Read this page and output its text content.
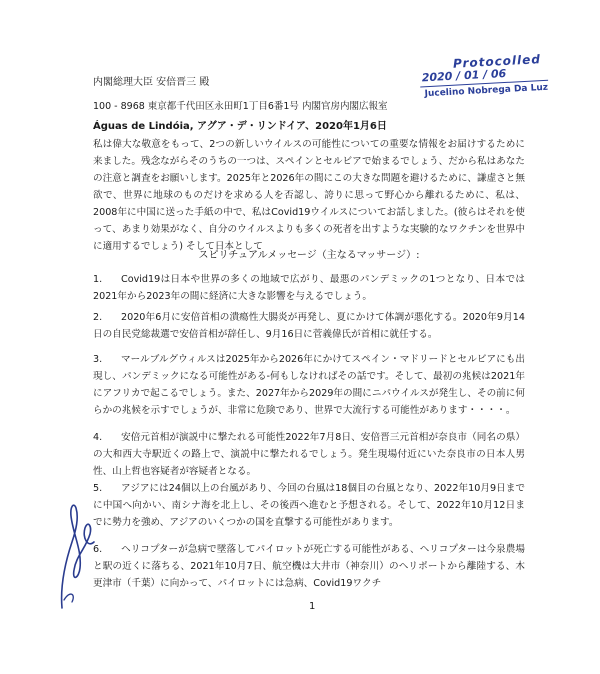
Protocolled
2020 / 01 / 06
Jucelino Nobrega Da Luz
内閣総理大臣 安倍晋三 殿
100 - 8968 東京都千代田区永田町1丁目6番1号 内閣官房内閣広報室
Águas de Lindóia, アグア・デ・リンドイア、2020年1月6日
私は偉大な敬意をもって、2つの新しいウイルスの可能性についての重要な情報をお届けするために来ました。残念ながらそのうちの一つは、スペインとセルビアで始まるでしょう、だから私はあなたの注意と調査をお願いします。2025年と2026年の間にこの大きな問題を避けるために、謙虚さと無欲で、世界に地球のものだけを求める人を否認し、誇りに思って野心から離れるために、私は、2008年に中国に送った手紙の中で、私はCovid19ウイルスについてお話しました。(彼らはそれを使って、あまり効果がなく、自分のウイルスよりも多くの死者を出すような実験的なワクチンを世界中に適用するでしょう) そして日本として
スピリチュアルメッセージ（主なるマッサージ）:
1. Covid19は日本や世界の多くの地域で広がり、最悪のパンデミックの1つとなり、日本では2021年から2023年の間に経済に大きな影響を与えるでしょう。
2. 2020年6月に安倍首相の潰瘍性大腸炎が再発し、夏にかけて体調が悪化する。2020年9月14日の自民党総裁選で安倍首相が辞任し、9月16日に菅義偉氏が首相に就任する。
3. マールブルグウィルスは2025年から2026年にかけてスペイン・マドリードとセルビアにも出現し、パンデミックになる可能性がある-何もしなければその話です。そして、最初の兆候は2021年にアフリカで起こるでしょう。また、2027年から2029年の間にニパウイルスが発生し、その前に何らかの兆候を示すでしょうが、非常に危険であり、世界で大流行する可能性があります・・・・。
4. 安倍元首相が演説中に撃たれる可能性2022年7月8日、安倍晋三元首相が奈良市（同名の県）の大和西大寺駅近くの路上で、演説中に撃たれるでしょう。発生現場付近にいた奈良市の日本人男性、山上哲也容疑者が容疑者となる。
5. アジアには24個以上の台風があり、今回の台風は18個目の台風となり、2022年10月9日までに中国へ向かい、南シナ海を北上し、その後西へ進むと予想される。そして、2022年10月12日までに勢力を強め、アジアのいくつかの国を直撃する可能性があります。
6. ヘリコプターが急病で墜落してパイロットが死亡する可能性がある、ヘリコプターは今泉農場と駅の近くに落ちる、2021年10月7日、航空機は大井市（神奈川）のヘリポートから離陸する、木更津市（千葉）に向かって、パイロットには急病、Covid19ワクチ
1
